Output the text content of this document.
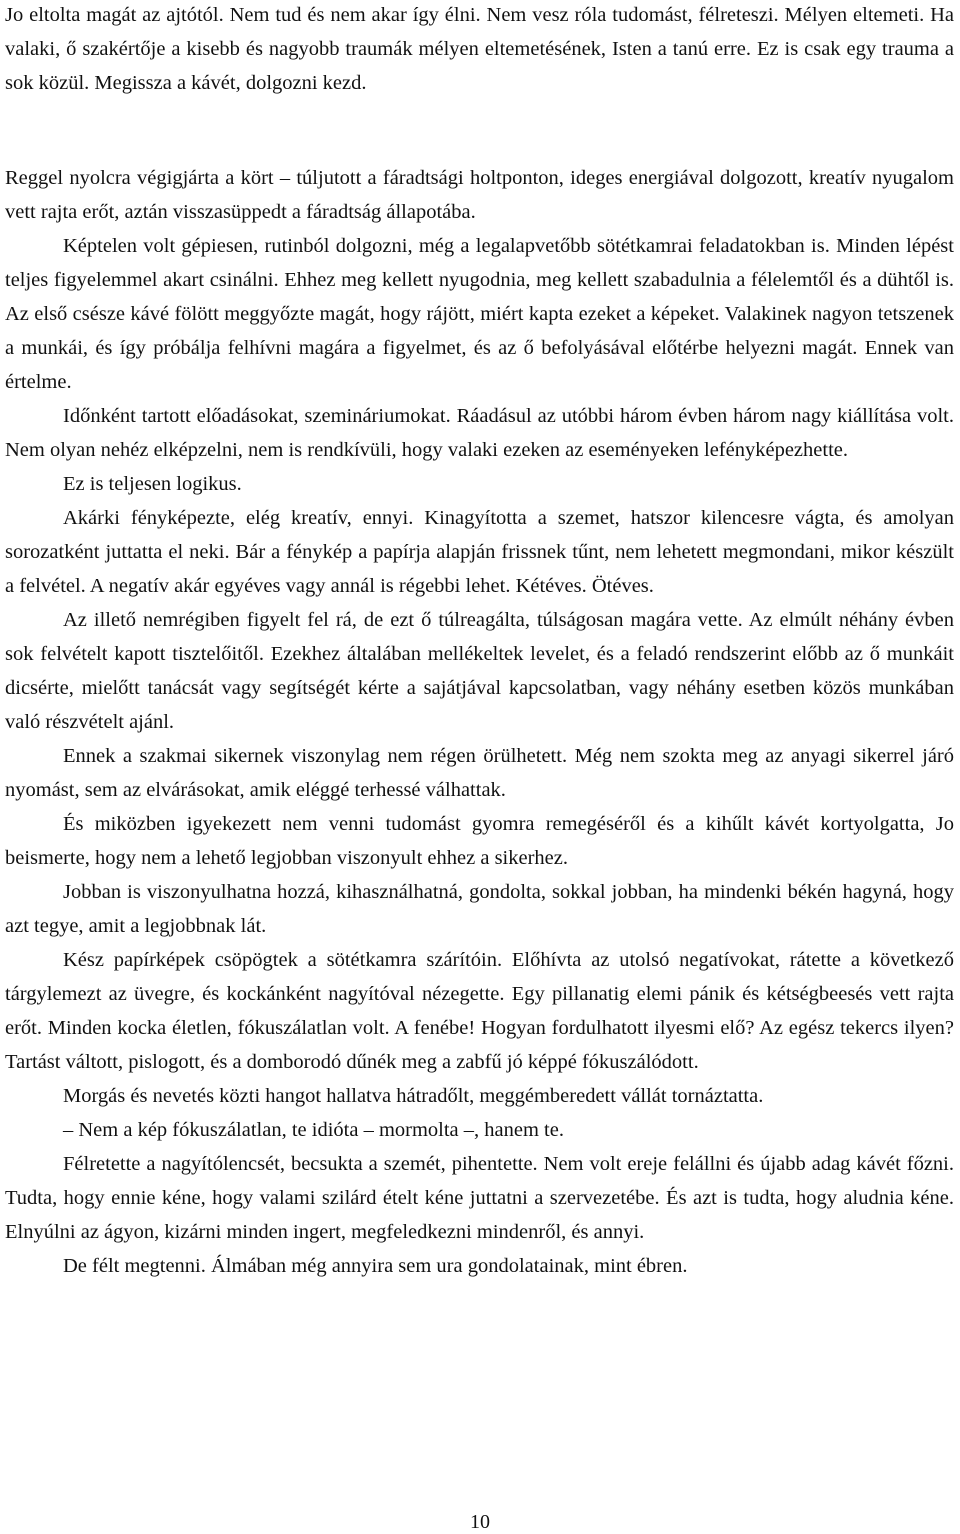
Jo eltolta magát az ajtótól. Nem tud és nem akar így élni. Nem vesz róla tudomást, félreteszi. Mélyen eltemeti. Ha valaki, ő szakértője a kisebb és nagyobb traumák mélyen eltemetésének, Isten a tanú erre. Ez is csak egy trauma a sok közül. Megissza a kávét, dolgozni kezd.

Reggel nyolcra végigjárta a kört – túljutott a fáradtsági holtponton, ideges energiával dolgozott, kreatív nyugalom vett rajta erőt, aztán visszasüppedt a fáradtság állapotába.

Képtelen volt gépiesen, rutinból dolgozni, még a legalapvetőbb sötétkamrai feladatokban is. Minden lépést teljes figyelemmel akart csinálni. Ehhez meg kellett nyugodnia, meg kellett szabadulnia a félelemtől és a dühtől is. Az első csésze kávé fölött meggyőzte magát, hogy rájött, miért kapta ezeket a képeket. Valakinek nagyon tetszenek a munkái, és így próbálja felhívni magára a figyelmet, és az ő befolyásával előtérbe helyezni magát. Ennek van értelme.

Időnként tartott előadásokat, szemináriumokat. Ráadásul az utóbbi három évben három nagy kiállítása volt. Nem olyan nehéz elképzelni, nem is rendkívüli, hogy valaki ezeken az eseményeken lefényképezhette.

Ez is teljesen logikus.

Akárki fényképezte, elég kreatív, ennyi. Kinagyította a szemet, hatszor kilencesre vágta, és amolyan sorozatként juttatta el neki. Bár a fénykép a papírja alapján frissnek tűnt, nem lehetett megmondani, mikor készült a felvétel. A negatív akár egyéves vagy annál is régebbi lehet. Kétéves. Ötéves.

Az illető nemrégiben figyelt fel rá, de ezt ő túlreagálta, túlságosan magára vette. Az elmúlt néhány évben sok felvételt kapott tisztelőitől. Ezekhez általában mellékeltek levelet, és a feladó rendszerint előbb az ő munkáit dicsérte, mielőtt tanácsát vagy segítségét kérte a sajátjával kapcsolatban, vagy néhány esetben közös munkában való részvételt ajánl.

Ennek a szakmai sikernek viszonylag nem régen örülhetett. Még nem szokta meg az anyagi sikerrel járó nyomást, sem az elvárásokat, amik eléggé terhessé válhattak.

És miközben igyekezett nem venni tudomást gyomra remegéséről és a kihűlt kávét kortyolgatta, Jo beismerte, hogy nem a lehető legjobban viszonyult ehhez a sikerhez.

Jobban is viszonyulhatna hozzá, kihasználhatná, gondolta, sokkal jobban, ha mindenki békén hagyná, hogy azt tegye, amit a legjobbnak lát.

Kész papírképek csöpögtek a sötétkamra szárítóin. Előhívta az utolsó negatívokat, rátette a következő tárgylemezt az üvegre, és kockánként nagyítóval nézegette. Egy pillanatig elemi pánik és kétségbeesés vett rajta erőt. Minden kocka életlen, fókuszálatlan volt. A fenébe! Hogyan fordulhatott ilyesmi elő? Az egész tekercs ilyen? Tartást váltott, pislogott, és a domborodó dűnék meg a zabfű jó képpé fókuszálódott.

Morgás és nevetés közti hangot hallatva hátradőlt, meggémberedett vállát tornáztatta.

– Nem a kép fókuszálatlan, te idióta – mormolta –, hanem te.

Félretette a nagyítólencsét, becsukta a szemét, pihentette. Nem volt ereje felállni és újabb adag kávét főzni. Tudta, hogy ennie kéne, hogy valami szilárd ételt kéne juttatni a szervezetébe. És azt is tudta, hogy aludnia kéne. Elnyúlni az ágyon, kizárni minden ingert, megfeledkezni mindenről, és annyi.

De félt megtenni. Álmában még annyira sem ura gondolatainak, mint ébren.

10
